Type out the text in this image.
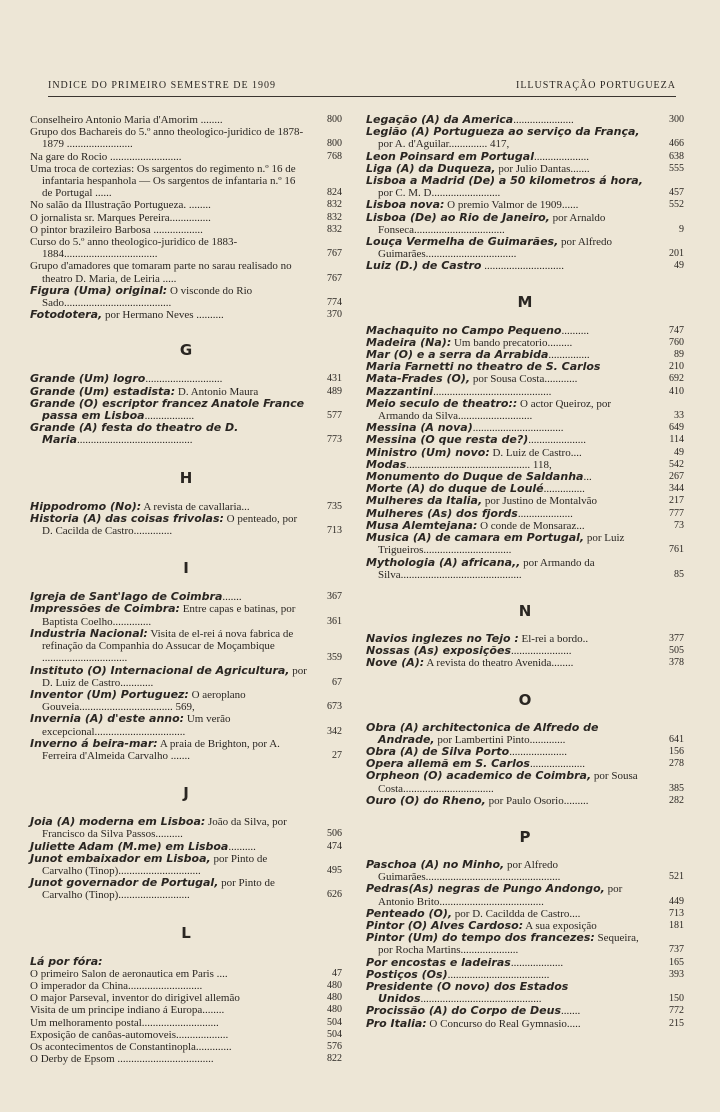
INDICE DO PRIMEIRO SEMESTRE DE 1909	ILLUSTRAÇÃO PORTUGUEZA
Conselheiro Antonio Maria d'Amorim ........	800
Grupo dos Bachareis do 5.º anno theologico-juridico de 1878-1879 ........................	800
Na gare do Rocio ..........................	768
Uma troca de cortezias: Os sargentos do regimento n.º 16 de infantaria hespanhola — Os sargentos de infantaria n.º 16 de Portugal ......	824
No salão da Illustração Portugueza. ........	832
O jornalista sr. Marques Pereira...............	832
O pintor brazileiro Barbosa ..................	832
Curso do 5.º anno theologico-juridico de 1883-1884..................................	767
Grupo d'amadores que tomaram parte no sarau realisado no theatro D. Maria, de Leiria .....	767
Figura (Uma) original: O visconde do Rio Sado.......................................	774
Fotodotera, por Hermano Neves ..........	370
G
Grande (Um) logro............................	431
Grande (Um) estadista: D. Antonio Maura	489
Grande (O) escriptor francez Anatole France passa em Lisboa..................	577
Grande (A) festa do theatro de D. Maria..........................................	773
H
Hippodromo (No): A revista de cavallaria...	735
Historia (A) das coisas frivolas: O penteado, por D. Cacilda de Castro..............	713
I
Igreja de Sant'Iago de Coimbra.......	367
Impressões de Coimbra: Entre capas e batinas, por Baptista Coelho..............	361
Industria Nacional: Visita de el-rei á nova fabrica de refinação da Companhia do Assucar de Moçambique ...............................	359
Instituto (O) Internacional de Agricultura, por D. Luiz de Castro............	67
Inventor (Um) Portuguez: O aeroplano Gouveia.................................. 569,	673
Invernia (A) d'este anno: Um verão excepcional.................................	342
Inverno á beira-mar: A praia de Brighton, por A. Ferreira d'Almeida Carvalho .......	27
J
Joia (A) moderna em Lisboa: João da Silva, por Francisco da Silva Passos..........	506
Juliette Adam (M.me) em Lisboa..........	474
Junot embaixador em Lisboa, por Pinto de Carvalho (Tinop)..............................	495
Junot governador de Portugal, por Pinto de Carvalho (Tinop)..........................	626
L
Lá por fóra:
O primeiro Salon de aeronautica em Paris ....	47
O imperador da China...........................	480
O major Parseval, inventor do dirigivel allemão	480
Visita de um principe indiano á Europa........	480
Um melhoramento postal............................	504
Exposição de canôas-automoveis...................	504
Os acontecimentos de Constantinopla.............	576
O Derby de Epsom ...................................	822
Legação (A) da America......................	300
Legião (A) Portugueza ao serviço da França, por A. d'Aguilar.............. 417,	466
Leon Poinsard em Portugal....................	638
Liga (A) da Duqueza, por Julio Dantas.......	555
Lisboa a Madrid (De) a 50 kilometros á hora, por C. M. D.........................	457
Lisboa nova: O premio Valmor de 1909......	552
Lisboa (De) ao Rio de Janeiro, por Arnaldo Fonseca.................................	9
Louça Vermelha de Guimarães, por Alfredo Guimarães.................................	201
Luiz (D.) de Castro .............................	49
M
Machaquito no Campo Pequeno..........	747
Madeira (Na): Um bando precatorio.........	760
Mar (O) e a serra da Arrabida...............	89
Maria Farnetti no theatro de S. Carlos	210
Mata-Frades (O), por Sousa Costa............	692
Mazzantini...........................................	410
Meio seculo de theatro:: O actor Queiroz, por Armando da Silva...........................	33
Messina (A nova).................................	649
Messina (O que resta de?).....................	114
Ministro (Um) novo: D. Luiz de Castro....	49
Modas............................................. 118,	542
Monumento do Duque de Saldanha...	267
Morte (A) do duque de Loulé...............	344
Mulheres da Italia, por Justino de Montalvão	217
Mulheres (As) dos fjords....................	777
Musa Alemtejana: O conde de Monsaraz...	73
Musica (A) de camara em Portugal, por Luiz Trigueiros................................	761
Mythologia (A) africana,, por Armando da Silva............................................	85
N
Navios inglezes no Tejo : El-rei a bordo..	377
Nossas (As) exposições......................	505
Nove (A): A revista do theatro Avenida........	378
O
Obra (A) architectonica de Alfredo de Andrade, por Lambertini Pinto.............	641
Obra (A) de Silva Porto.....................	156
Opera allemã em S. Carlos....................	278
Orpheon (O) academico de Coimbra, por Sousa Costa.................................	385
Ouro (O) do Rheno, por Paulo Osorio.........	282
P
Paschoa (A) no Minho, por Alfredo Guimarães.................................................	521
Pedras(As) negras de Pungo Andongo, por Antonio Brito......................................	449
Penteado (O), por D. Cacildda de Castro....	713
Pintor (O) Alves Cardoso: A sua exposição	181
Pintor (Um) do tempo dos francezes: Sequeira, por Rocha Martins.....................	737
Por encostas e ladeiras...................	165
Postiços (Os).....................................	393
Presidente (O novo) dos Estados Unidos............................................	150
Procissão (A) do Corpo de Deus.......	772
Pro Italia: O Concurso do Real Gymnasio.....	215
